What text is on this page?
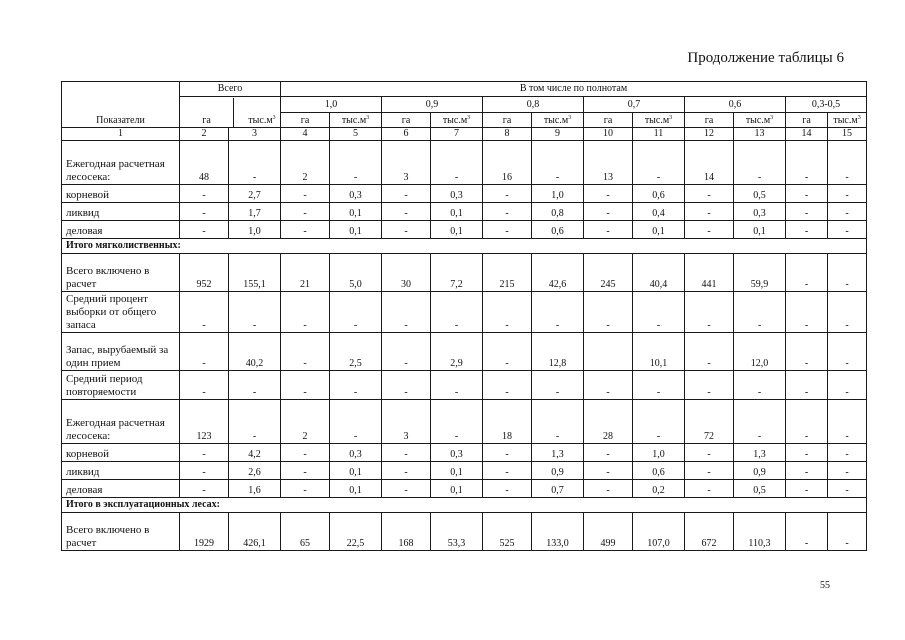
Продолжение таблицы 6
Показатели	Всего	В том числе по полнотам

га	$тыс.м^3$
	1,0	0,9	0,8	0,7	0,6	0,3-0,5
га	$тыс.м^3$	га	$тыс.м^3$	га	$тыс.м^3$	га	$тыс.м^3$	га	$тыс.м^3$	га	$тыс.м^3$
1	2	3	4	5	6	7	8	9	10	11	12	13	14	15
Ежегодная расчетная лесосека:	48	-	2	-	3	-	16	-	13	-	14	-	-	-
корневой	-	2,7	-	0,3	-	0,3	-	1,0	-	0,6	-	0,5	-	-
ликвид	-	1,7	-	0,1	-	0,1	-	0,8	-	0,4	-	0,3	-	-
деловая	-	1,0	-	0,1	-	0,1	-	0,6	-	0,1	-	0,1	-	-
Итого мягколиственных:
Всего включено в расчет	952	155,1	21	5,0	30	7,2	215	42,6	245	40,4	441	59,9	-	-
Средний процент выборки от общего запаса	-	-	-	-	-	-	-	-	-	-	-	-	-	-
Запас, вырубаемый за один прием	-	40,2	-	2,5	-	2,9	-	12,8		10,1	-	12,0	-	-
Средний период повторяемости	-	-	-	-	-	-	-	-	-	-	-	-	-	-
Ежегодная расчетная лесосека:	123	-	2	-	3	-	18	-	28	-	72	-	-	-
корневой	-	4,2	-	0,3	-	0,3	-	1,3	-	1,0	-	1,3	-	-
ликвид	-	2,6	-	0,1	-	0,1	-	0,9	-	0,6	-	0,9	-	-
деловая	-	1,6	-	0,1	-	0,1	-	0,7	-	0,2	-	0,5	-	-
Итого в эксплуатационных лесах:
Всего включено в расчет	1929	426,1	65	22,5	168	53,3	525	133,0	499	107,0	672	110,3	-	-
55
